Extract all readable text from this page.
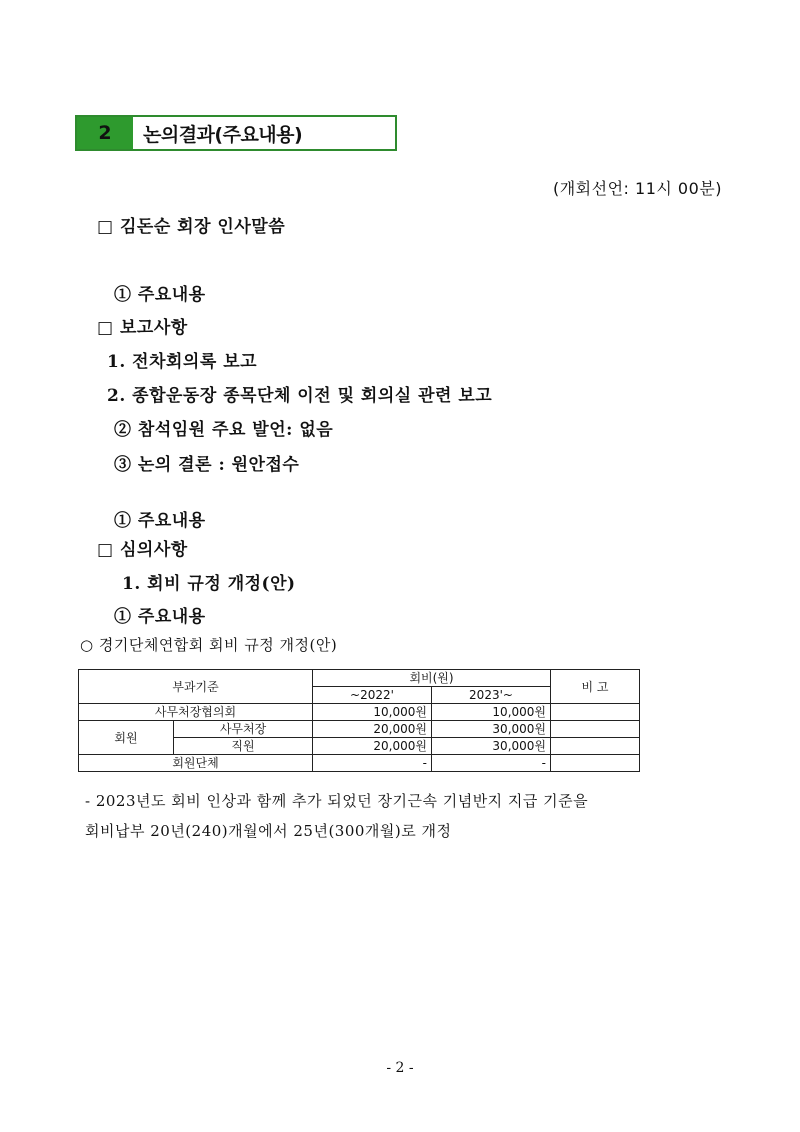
2	논의결과(주요내용)
(개회선언: 11시 00분)
□ 김돈순 회장 인사말씀
① 주요내용
□ 보고사항
1. 전차회의록 보고
2. 종합운동장 종목단체 이전 및 회의실 관련 보고
② 참석임원 주요 발언: 없음
③ 논의 결론 : 원안접수
① 주요내용
□ 심의사항
1. 회비 규정 개정(안)
① 주요내용
○ 경기단체연합회 회비 규정 개정(안)
부과기준		회비(원)		비 고
		~2022'	2023'~	
사무처장협의회		10,000원	10,000원	
회원	사무처장	20,000원	30,000원	
	직원	20,000원	30,000원	
회원단체		-	-	
- 2023년도 회비 인상과 함께 추가 되었던 장기근속 기념반지 지급 기준을
회비납부 20년(240)개월에서 25년(300개월)로 개정
- 2 -
